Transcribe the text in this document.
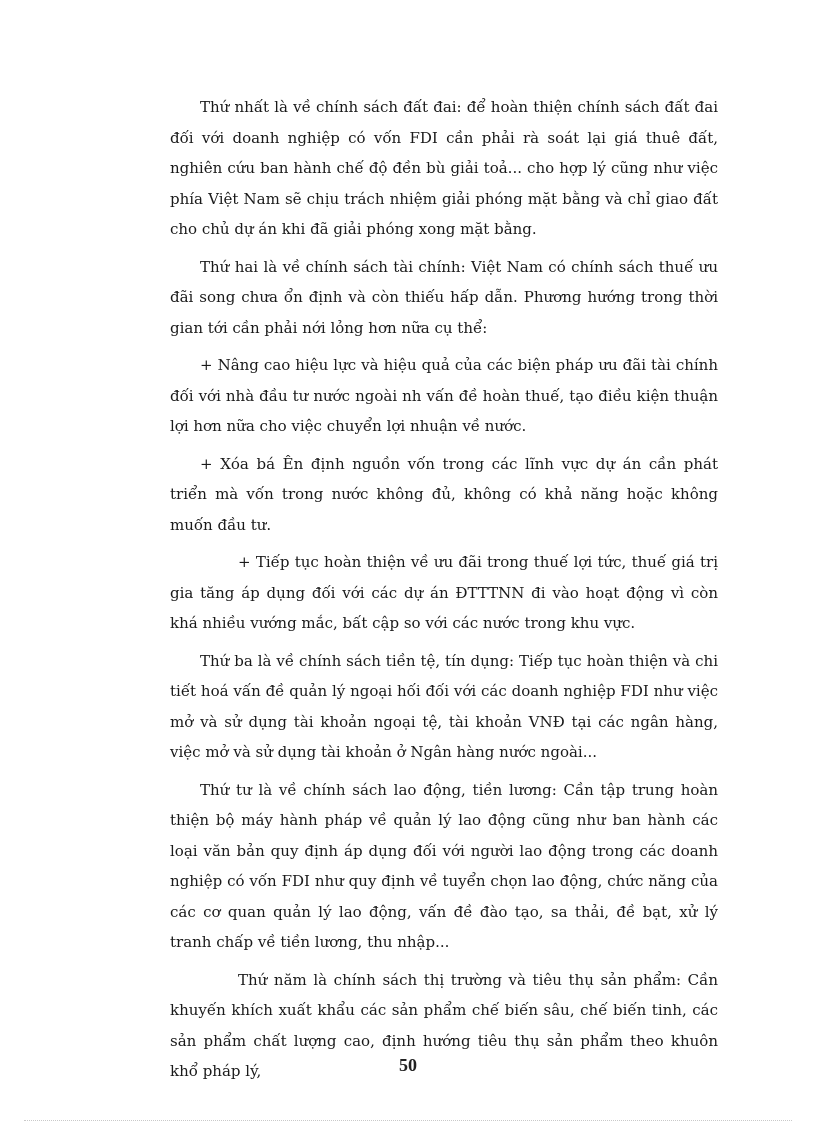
Thứ nhất là về chính sách đất đai: để hoàn thiện chính sách đất đai đối với doanh nghiệp có vốn FDI cần phải rà soát lại giá thuê đất, nghiên cứu ban hành chế độ đền bù giải toả... cho hợp lý cũng như việc phía Việt Nam sẽ chịu trách nhiệm giải phóng mặt bằng và chỉ giao đất cho chủ dự án khi đã giải phóng xong mặt bằng.

Thứ hai là về chính sách tài chính: Việt Nam có chính sách thuế ưu đãi song chưa ổn định và còn thiếu hấp dẫn. Phương hướng trong thời gian tới cần phải nới lỏng hơn nữa cụ thể:

+ Nâng cao hiệu lực và hiệu quả của các biện pháp ưu đãi tài chính đối với nhà đầu tư nước ngoài nh vấn đề hoàn thuế, tạo điều kiện thuận lợi hơn nữa cho việc chuyển lợi nhuận về nước.

+ Xóa bá Ên định nguồn vốn trong các lĩnh vực dự án cần phát triển mà vốn trong nước không đủ, không có khả năng hoặc không muốn đầu tư.

+ Tiếp tục hoàn thiện về ưu đãi trong thuế lợi tức, thuế giá trị gia tăng áp dụng đối với các dự án ĐTTTNN đi vào hoạt động vì còn khá nhiều vướng mắc, bất cập so với các nước trong khu vực.

Thứ ba là về chính sách tiền tệ, tín dụng: Tiếp tục hoàn thiện và chi tiết hoá vấn đề quản lý ngoại hối đối với các doanh nghiệp FDI như việc mở và sử dụng tài khoản ngoại tệ, tài khoản VNĐ tại các ngân hàng, việc mở và sử dụng tài khoản ở Ngân hàng nước ngoài...

Thứ tư là về chính sách lao động, tiền lương: Cần tập trung hoàn thiện bộ máy hành pháp về quản lý lao động cũng như ban hành các loại văn bản quy định áp dụng đối với người lao động trong các doanh nghiệp có vốn FDI như quy định về tuyển chọn lao động, chức năng của các cơ quan quản lý lao động, vấn đề đào tạo, sa thải, đề bạt, xử lý tranh chấp về tiền lương, thu nhập...

Thứ năm là chính sách thị trường và tiêu thụ sản phẩm: Cần khuyến khích xuất khẩu các sản phẩm chế biến sâu, chế biến tinh, các sản phẩm chất lượng cao, định hướng tiêu thụ sản phẩm theo khuôn khổ pháp lý,	50
